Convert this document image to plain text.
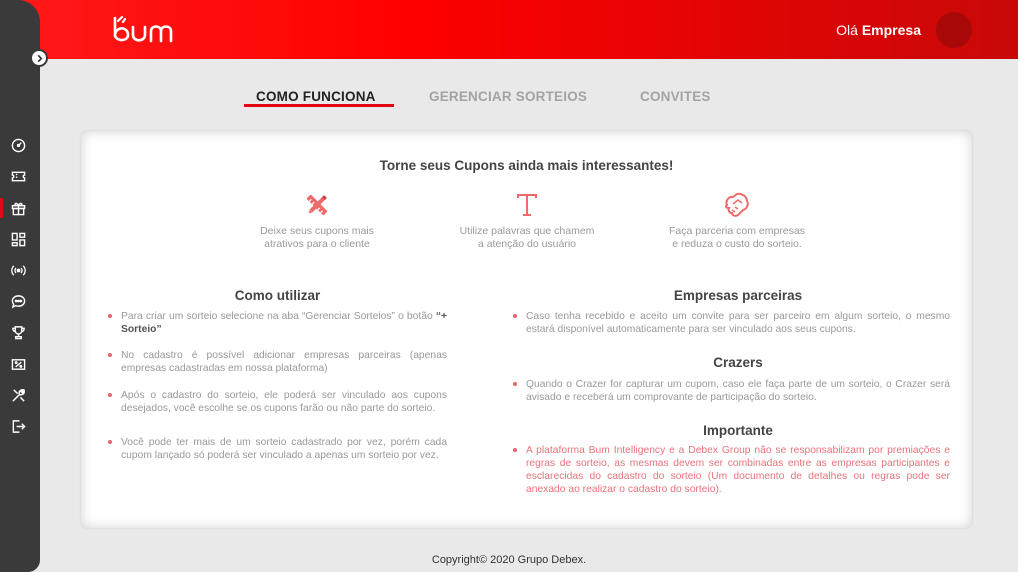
Olá Empresa
COMO FUNCIONA	GERENCIAR SORTEIOS	CONVITES
Torne seus Cupons ainda mais interessantes!
Deixe seus cupons mais
atrativos para o cliente
Utilize palavras que chamem
a atenção do usuário
Faça parceria com empresas
e reduza o custo do sorteio.
Como utilizar
Para criar um sorteio selecione na aba “Gerenciar Sorteios” o botão “+ Sorteio”
No cadastro é possível adicionar empresas parceiras (apenas empresas cadastradas em nossa plataforma)
Após o cadastro do sorteio, ele poderá ser vinculado aos cupons desejados, você escolhe se os cupons farão ou não parte do sorteio.
Você pode ter mais de um sorteio cadastrado por vez, porém cada cupom lançado só poderá ser vinculado a apenas um sorteio por vez.
Empresas parceiras
Caso tenha recebido e aceito um convite para ser parceiro em algum sorteio, o mesmo estará disponível automaticamente para ser vinculado aos seus cupons.
Crazers
Quando o Crazer for capturar um cupom, caso ele faça parte de um sorteio, o Crazer será avisado e receberá um comprovante de participação do sorteio.
Importante
A plataforma Bum Intelligency e a Debex Group não se responsabilizam por premiações e regras de sorteio, as mesmas devem ser combinadas entre as empresas participantes e esclarecidas do cadastro do sorteio (Um documento de detalhes ou regras pode ser anexado ao realizar o cadastro do sorteio).
Copyright© 2020 Grupo Debex.
